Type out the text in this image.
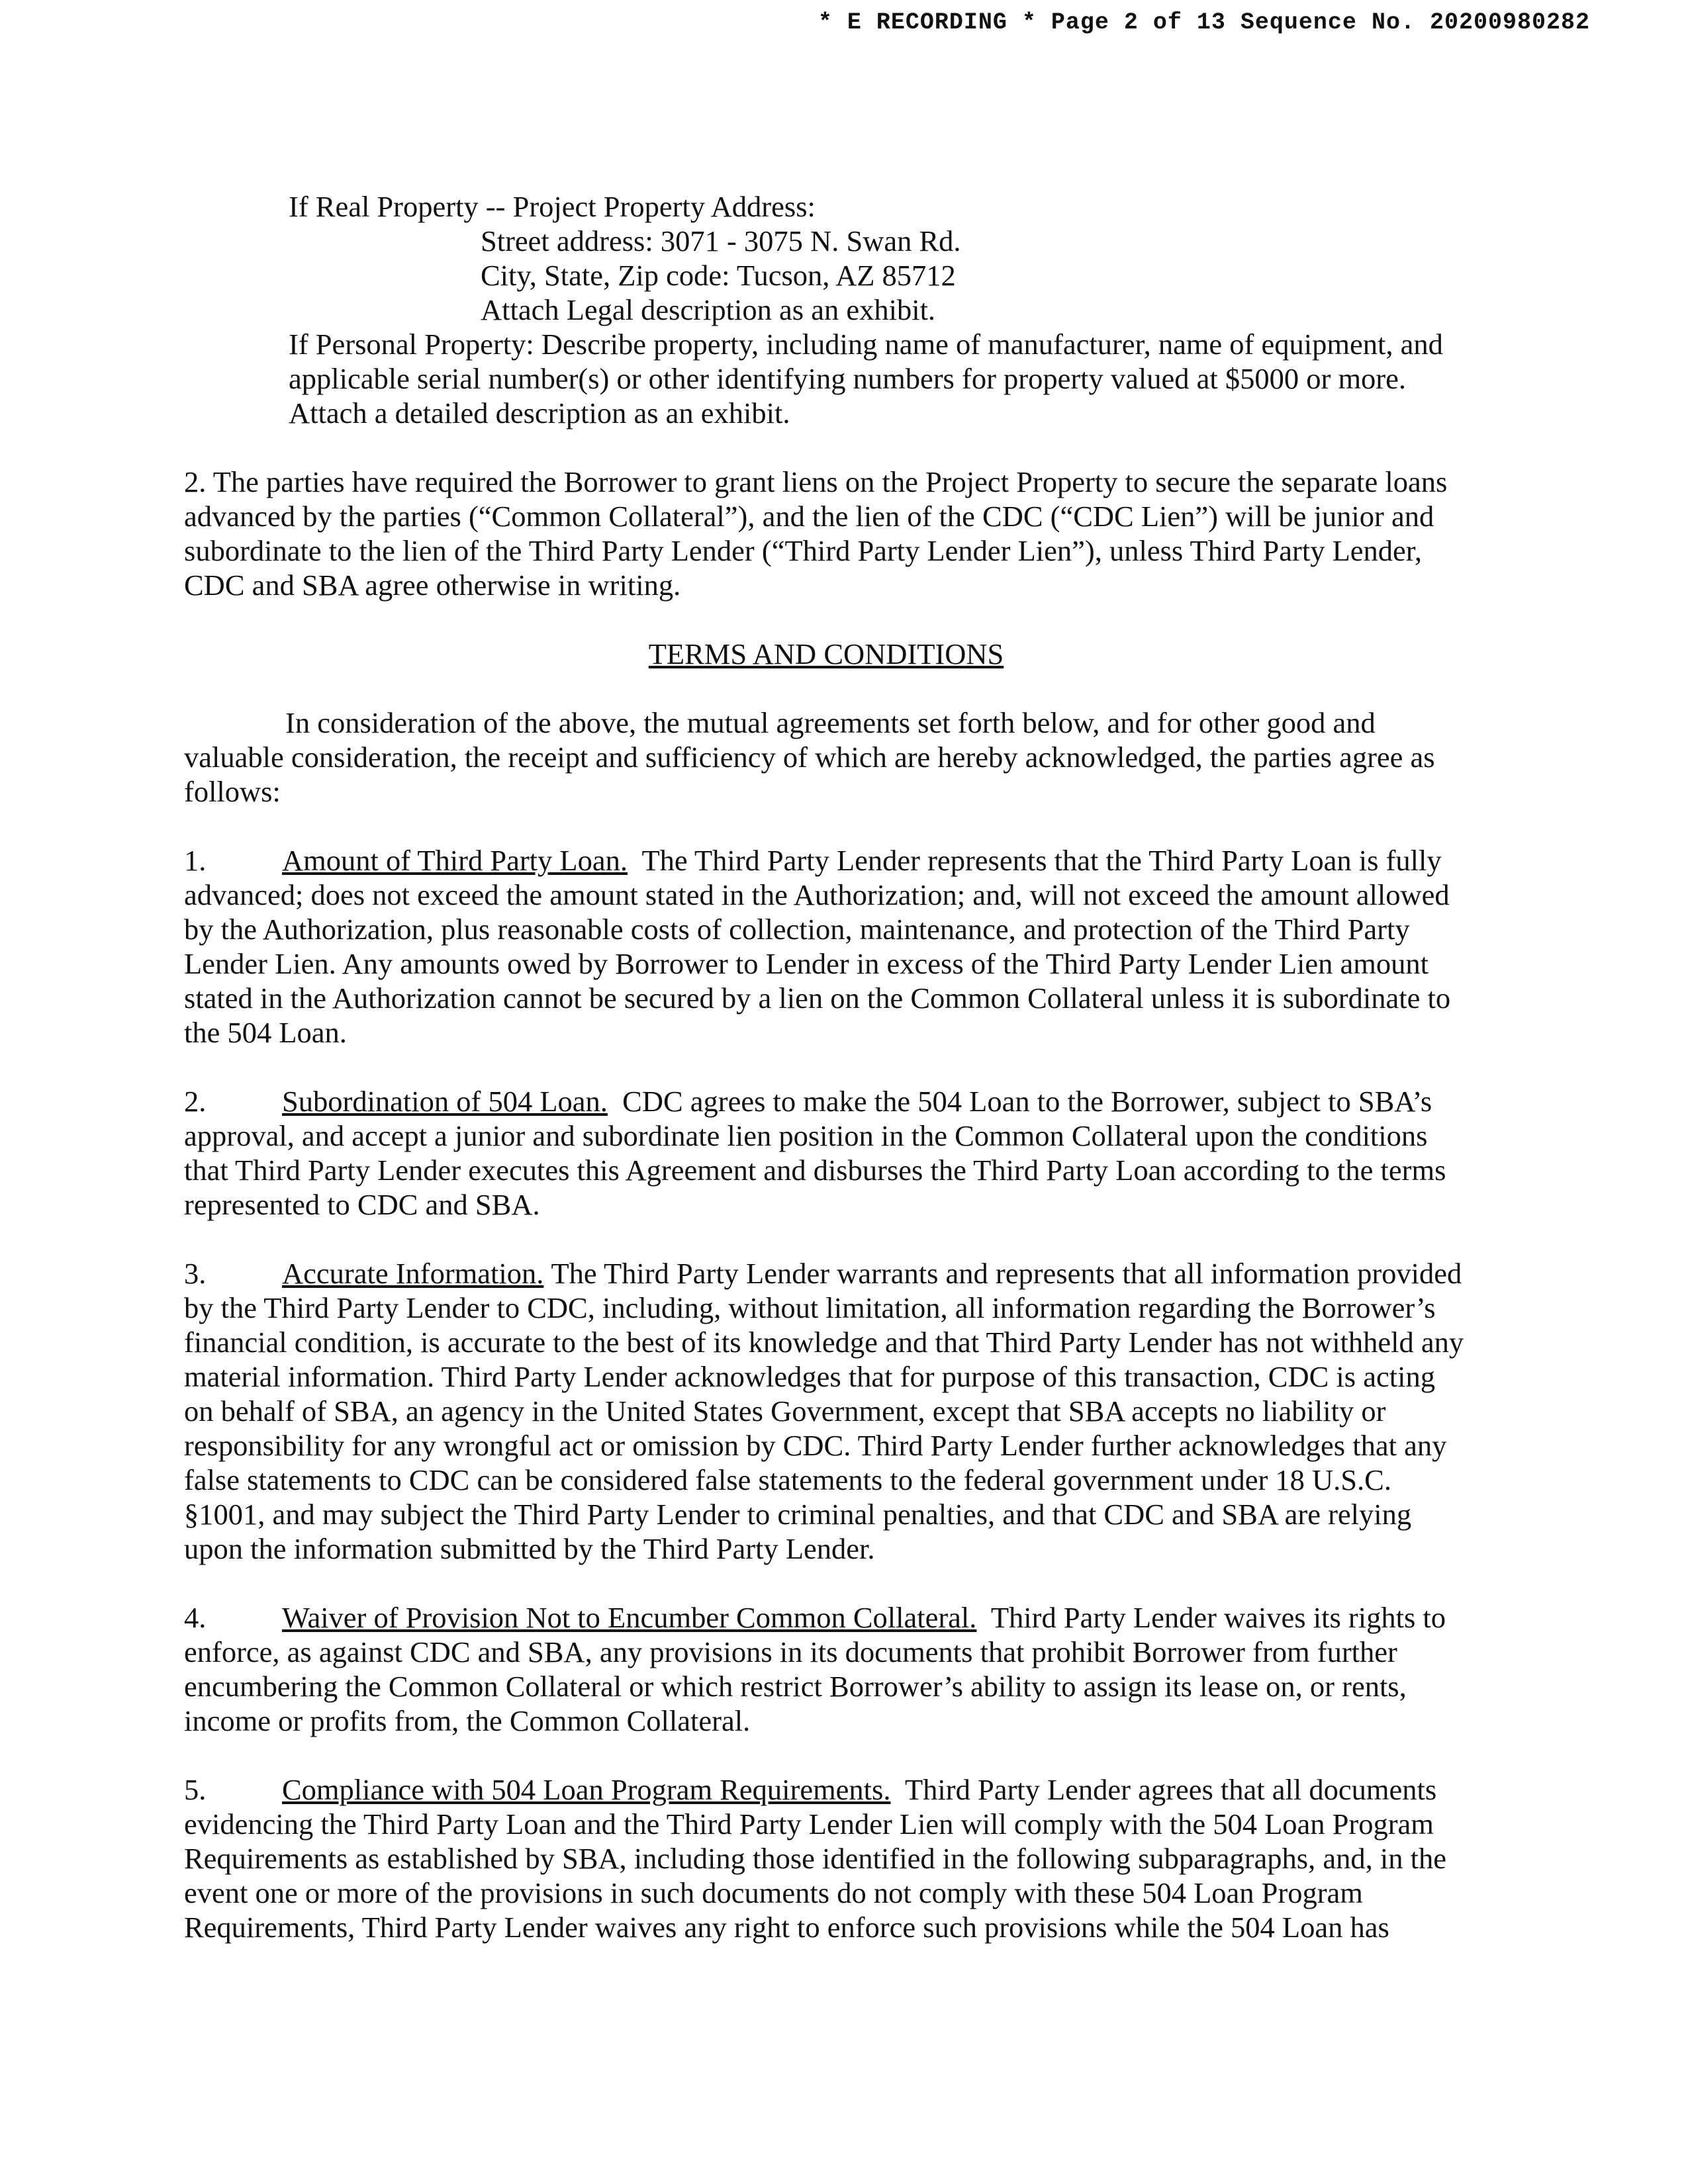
* E RECORDING * Page 2 of 13 Sequence No. 20200980282

If Real Property -- Project Property Address:

Street address: 3071 - 3075 N. Swan Rd.

City, State, Zip code: Tucson, AZ 85712

Attach Legal description as an exhibit.

If Personal Property: Describe property, including name of manufacturer, name of equipment, and applicable serial number(s) or other identifying numbers for property valued at $5000 or more. Attach a detailed description as an exhibit.

2. The parties have required the Borrower to grant liens on the Project Property to secure the separate loans advanced by the parties (“Common Collateral”), and the lien of the CDC (“CDC Lien”) will be junior and subordinate to the lien of the Third Party Lender (“Third Party Lender Lien”), unless Third Party Lender, CDC and SBA agree otherwise in writing.

TERMS AND CONDITIONS

In consideration of the above, the mutual agreements set forth below, and for other good and valuable consideration, the receipt and sufficiency of which are hereby acknowledged, the parties agree as follows:

1.	Amount of Third Party Loan. The Third Party Lender represents that the Third Party Loan is fully advanced; does not exceed the amount stated in the Authorization; and, will not exceed the amount allowed by the Authorization, plus reasonable costs of collection, maintenance, and protection of the Third Party Lender Lien. Any amounts owed by Borrower to Lender in excess of the Third Party Lender Lien amount stated in the Authorization cannot be secured by a lien on the Common Collateral unless it is subordinate to the 504 Loan.

2.	Subordination of 504 Loan. CDC agrees to make the 504 Loan to the Borrower, subject to SBA’s approval, and accept a junior and subordinate lien position in the Common Collateral upon the conditions that Third Party Lender executes this Agreement and disburses the Third Party Loan according to the terms represented to CDC and SBA.

3.	Accurate Information. The Third Party Lender warrants and represents that all information provided by the Third Party Lender to CDC, including, without limitation, all information regarding the Borrower’s financial condition, is accurate to the best of its knowledge and that Third Party Lender has not withheld any material information. Third Party Lender acknowledges that for purpose of this transaction, CDC is acting on behalf of SBA, an agency in the United States Government, except that SBA accepts no liability or responsibility for any wrongful act or omission by CDC. Third Party Lender further acknowledges that any false statements to CDC can be considered false statements to the federal government under 18 U.S.C. §1001, and may subject the Third Party Lender to criminal penalties, and that CDC and SBA are relying upon the information submitted by the Third Party Lender.

4.	Waiver of Provision Not to Encumber Common Collateral. Third Party Lender waives its rights to enforce, as against CDC and SBA, any provisions in its documents that prohibit Borrower from further encumbering the Common Collateral or which restrict Borrower’s ability to assign its lease on, or rents, income or profits from, the Common Collateral.

5.	Compliance with 504 Loan Program Requirements. Third Party Lender agrees that all documents evidencing the Third Party Loan and the Third Party Lender Lien will comply with the 504 Loan Program Requirements as established by SBA, including those identified in the following subparagraphs, and, in the event one or more of the provisions in such documents do not comply with these 504 Loan Program Requirements, Third Party Lender waives any right to enforce such provisions while the 504 Loan has
